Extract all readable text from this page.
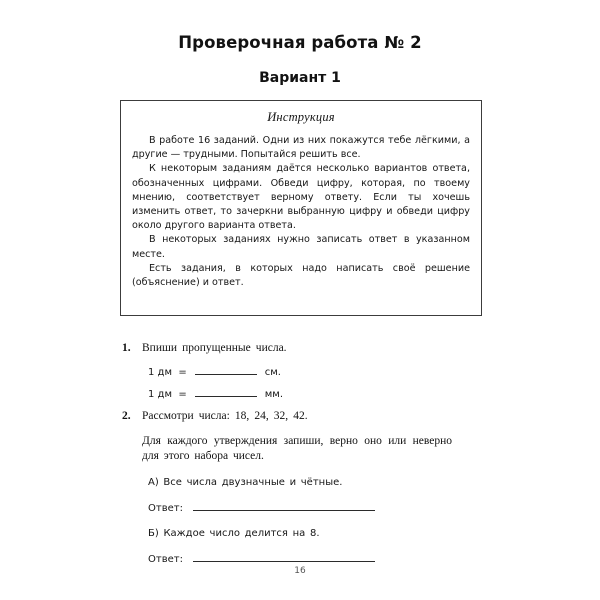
Проверочная работа № 2
Вариант 1
Инструкция

В работе 16 заданий. Одни из них покажутся тебе лёгкими, а другие — трудными. Попытайся решить все.

К некоторым заданиям даётся несколько вариантов ответа, обозначенных цифрами. Обведи цифру, которая, по твоему мнению, соответствует верному ответу. Если ты хочешь изменить ответ, то зачеркни выбранную цифру и обведи цифру около другого варианта ответа.

В некоторых заданиях нужно записать ответ в указанном месте.

Есть задания, в которых надо написать своё решение (объяснение) и ответ.

1. Впиши пропущенные числа.
1 дм  =	см.
1 дм  =	мм.
2. Рассмотри числа: 18, 24, 32, 42.
Для каждого утверждения запиши, верно оно или неверно для этого набора чисел.
А) Все числа двузначные и чётные.
Ответ:
Б) Каждое число делится на 8.
Ответ:
16
